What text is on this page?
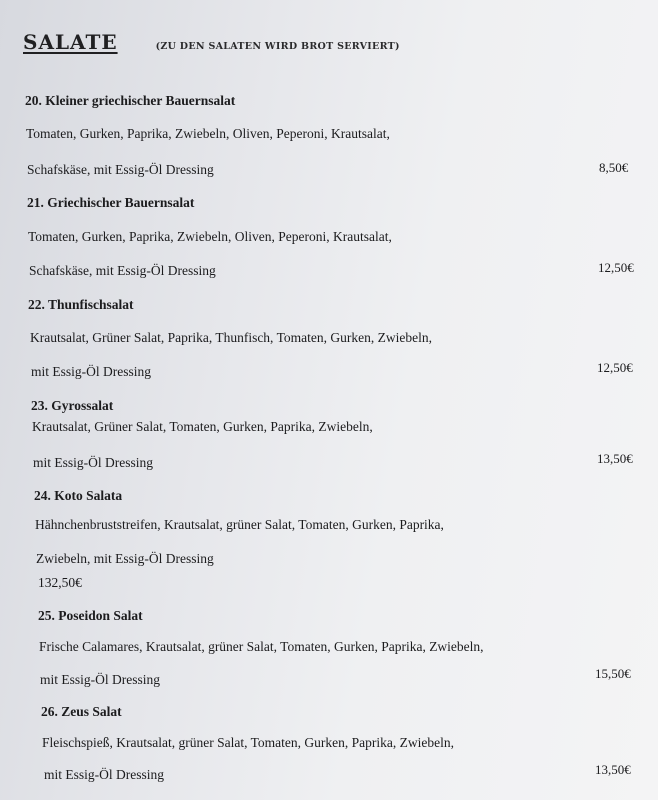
SALATE	(ZU DEN SALATEN WIRD BROT SERVIERT)
20. Kleiner griechischer Bauernsalat
Tomaten, Gurken, Paprika, Zwiebeln, Oliven, Peperoni, Krautsalat,
Schafskäse, mit Essig-Öl Dressing	8,50€
21. Griechischer Bauernsalat
Tomaten, Gurken, Paprika, Zwiebeln, Oliven, Peperoni, Krautsalat,
Schafskäse, mit Essig-Öl Dressing	12,50€
22. Thunfischsalat
Krautsalat, Grüner Salat, Paprika, Thunfisch, Tomaten, Gurken, Zwiebeln,
mit Essig-Öl Dressing	12,50€
23. Gyrossalat
Krautsalat, Grüner Salat, Tomaten, Gurken, Paprika, Zwiebeln,
mit Essig-Öl Dressing	13,50€
24. Koto Salata
Hähnchenbruststreifen, Krautsalat, grüner Salat, Tomaten, Gurken, Paprika,
Zwiebeln, mit Essig-Öl Dressing
132,50€
25. Poseidon Salat
Frische Calamares, Krautsalat, grüner Salat, Tomaten, Gurken, Paprika, Zwiebeln,
mit Essig-Öl Dressing	15,50€
26. Zeus Salat
Fleischspieß, Krautsalat, grüner Salat, Tomaten, Gurken, Paprika, Zwiebeln,
mit Essig-Öl Dressing	13,50€
